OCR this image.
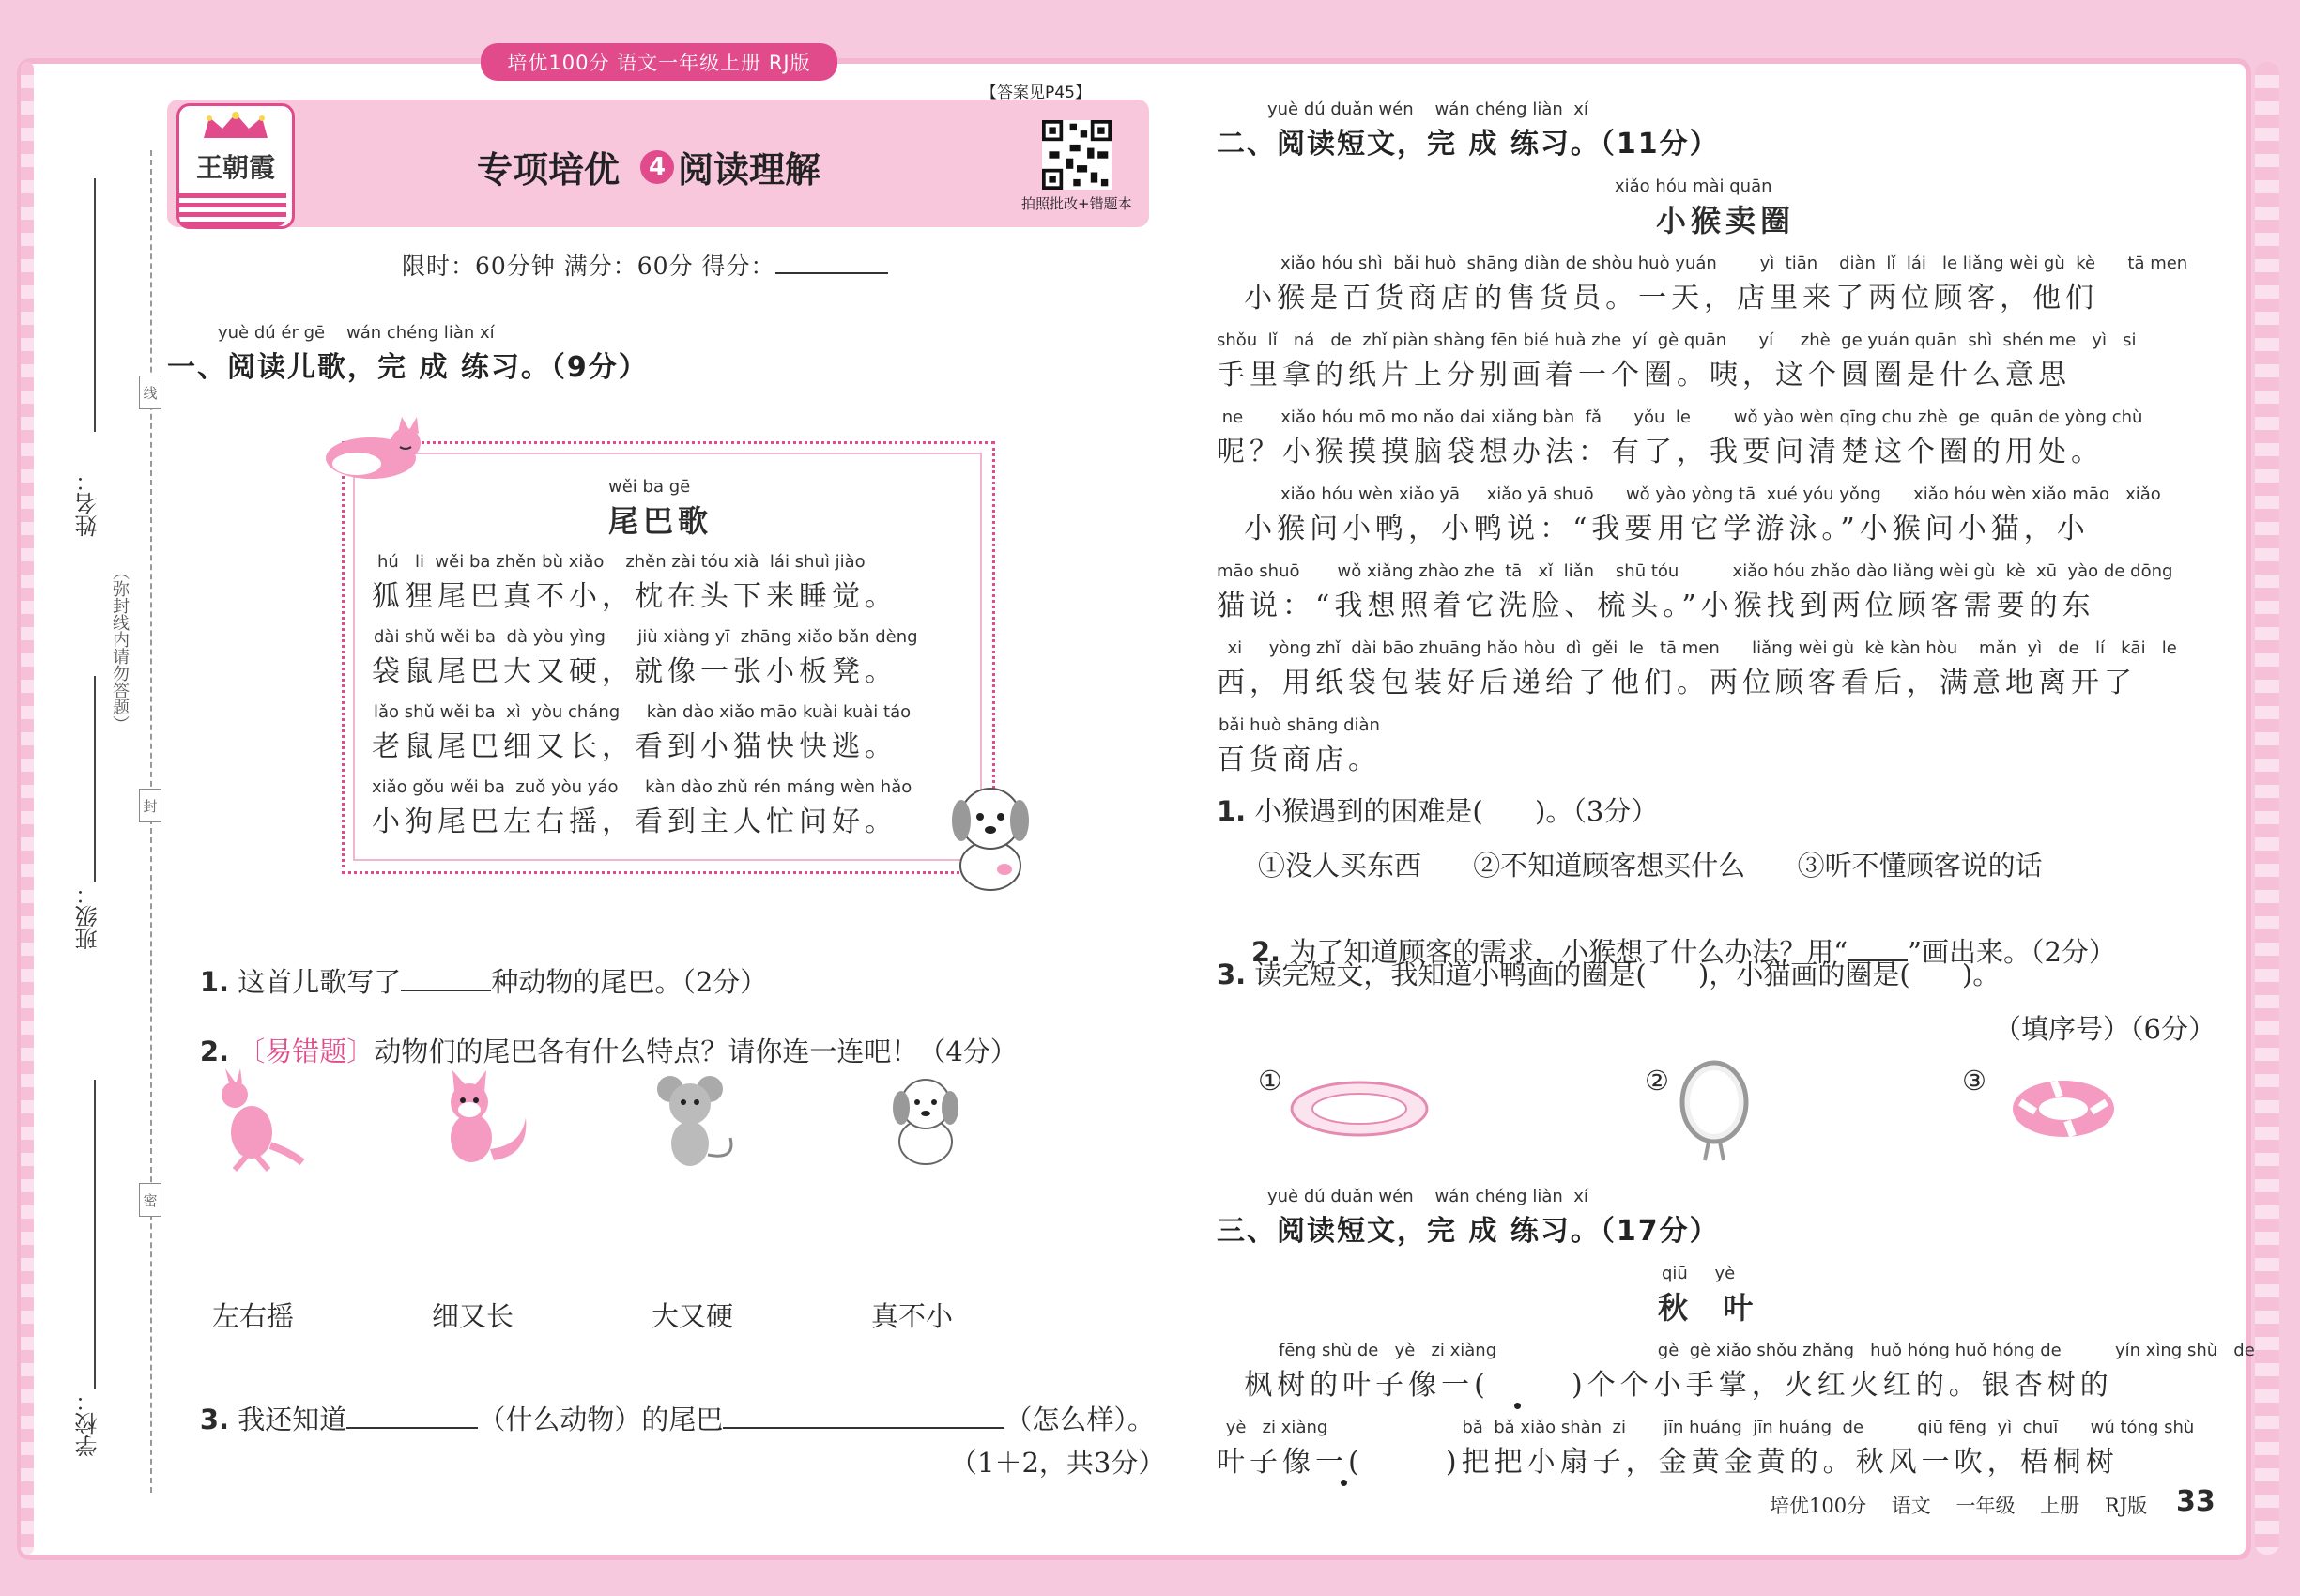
培优100分 语文一年级上册 RJ版
姓名：
班级：
学校：
（弥封线内请勿答题）
线
封
密
王朝霞	专项培优	4 阅读理解
【答案见P45】
拍照批改+错题本
限时：60分钟 满分：60分 得分：
yuè dú ér gē    wán chéng liàn xí
一、阅读儿歌，完 成 练习。（9分）
wěi ba gē
尾巴歌
hú   li  wěi ba zhěn bù xiǎo    zhěn zài tóu xià  lái shuì jiào
狐狸尾巴真不小，枕在头下来睡觉。
dài shǔ wěi ba  dà yòu yìng      jiù xiàng yī  zhāng xiǎo bǎn dèng
袋鼠尾巴大又硬，就像一张小板凳。
lǎo shǔ wěi ba  xì  yòu cháng     kàn dào xiǎo māo kuài kuài táo
老鼠尾巴细又长，看到小猫快快逃。
xiǎo gǒu wěi ba  zuǒ yòu yáo     kàn dào zhǔ rén máng wèn hǎo
小狗尾巴左右摇，看到主人忙问好。

1. 这首儿歌写了	种动物的尾巴。（2分）

2. 〔易错题〕动物们的尾巴各有什么特点？请你连一连吧！（4分）

左右摇	细又长	大又硬	真不小

3. 我还知道	（什么动物）的尾巴	（怎么样）。

（1＋2，共3分）
yuè dú duǎn wén    wán chéng liàn  xí
二、阅读短文，完 成 练习。（11分）
xiǎo hóu mài quān
小猴卖圈
xiǎo hóu shì  bǎi huò  shāng diàn de shòu huò yuán        yì  tiān    diàn  lǐ  lái   le liǎng wèi gù  kè      tā men
小猴是百货商店的售货员。一天，店里来了两位顾客，他们
shǒu  lǐ   ná   de  zhǐ piàn shàng fēn bié huà zhe  yí  gè quān      yí     zhè  ge yuán quān  shì  shén me   yì   si
手里拿的纸片上分别画着一个圈。咦，这个圆圈是什么意思
ne       xiǎo hóu mō mo nǎo dai xiǎng bàn  fǎ      yǒu  le        wǒ yào wèn qīng chu zhè  ge  quān de yòng chù
呢？小猴摸摸脑袋想办法：有了，我要问清楚这个圈的用处。
xiǎo hóu wèn xiǎo yā     xiǎo yā shuō      wǒ yào yòng tā  xué yóu yǒng      xiǎo hóu wèn xiǎo māo   xiǎo
小猴问小鸭，小鸭说：“我要用它学游泳。”小猴问小猫，小
māo shuō       wǒ xiǎng zhào zhe  tā   xǐ  liǎn    shū tóu          xiǎo hóu zhǎo dào liǎng wèi gù  kè  xū  yào de dōng
猫说：“我想照着它洗脸、梳头。”小猴找到两位顾客需要的东
xi     yòng zhǐ  dài bāo zhuāng hǎo hòu  dì  gěi  le   tā men      liǎng wèi gù  kè kàn hòu    mǎn  yì   de   lí   kāi   le
西，用纸袋包装好后递给了他们。两位顾客看后，满意地离开了
bǎi huò shāng diàn
百货商店。
1. 小猴遇到的困难是(      )。（3分）
①没人买东西      ②不知道顾客想买什么      ③听不懂顾客说的话

2. 为了知道顾客的需求，小猴想了什么办法？用“ ”画出来。（2分）

3. 读完短文，我知道小鸭画的圈是(      )，小猫画的圈是(      )。
（填序号）（6分）
①	②	③
yuè dú duǎn wén    wán chéng liàn  xí
三、阅读短文，完 成 练习。（17分）
qiū     yè
秋  叶
fēng shù de   yè   zi xiàng                              gè  gè xiǎo shǒu zhǎng   huǒ hóng huǒ hóng de          yín xìng shù   de
枫树的叶子像一(      )个个小手掌，火红火红的。银杏树的
yè   zi xiàng                         bǎ  bǎ xiǎo shàn  zi       jīn huáng  jīn huáng  de          qiū fēng  yì  chuī      wú tóng shù
叶子像一(      )把把小扇子，金黄金黄的。秋风一吹，梧桐树
培优100分    语文    一年级    上册    RJ版 33
